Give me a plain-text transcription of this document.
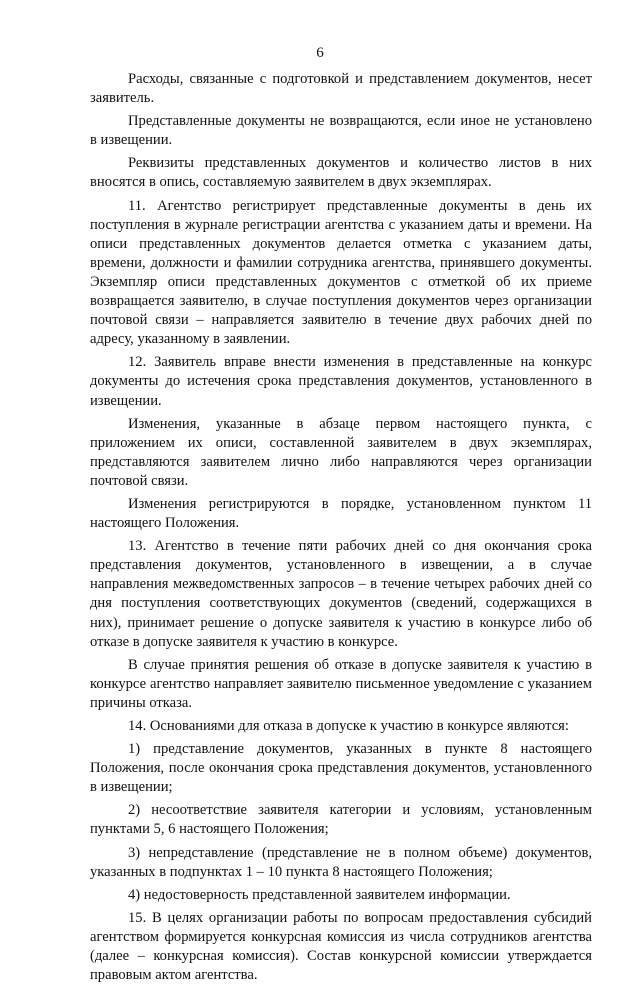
6

Расходы, связанные с подготовкой и представлением документов, несет заявитель.

Представленные документы не возвращаются, если иное не установлено в извещении.

Реквизиты представленных документов и количество листов в них вносятся в опись, составляемую заявителем в двух экземплярах.

11. Агентство регистрирует представленные документы в день их поступления в журнале регистрации агентства с указанием даты и времени. На описи представленных документов делается отметка с указанием даты, времени, должности и фамилии сотрудника агентства, принявшего документы. Экземпляр описи представленных документов с отметкой об их приеме возвращается заявителю, в случае поступления документов через организации почтовой связи – направляется заявителю в течение двух рабочих дней по адресу, указанному в заявлении.

12. Заявитель вправе внести изменения в представленные на конкурс документы до истечения срока представления документов, установленного в извещении.

Изменения, указанные в абзаце первом настоящего пункта, с приложением их описи, составленной заявителем в двух экземплярах, представляются заявителем лично либо направляются через организации почтовой связи.

Изменения регистрируются в порядке, установленном пунктом 11 настоящего Положения.

13. Агентство в течение пяти рабочих дней со дня окончания срока представления документов, установленного в извещении, а в случае направления межведомственных запросов – в течение четырех рабочих дней со дня поступления соответствующих документов (сведений, содержащихся в них), принимает решение о допуске заявителя к участию в конкурсе либо об отказе в допуске заявителя к участию в конкурсе.

В случае принятия решения об отказе в допуске заявителя к участию в конкурсе агентство направляет заявителю письменное уведомление с указанием причины отказа.

14. Основаниями для отказа в допуске к участию в конкурсе являются:

1) представление документов, указанных в пункте 8 настоящего Положения, после окончания срока представления документов, установленного в извещении;

2) несоответствие заявителя категории и условиям, установленным пунктами 5, 6 настоящего Положения;

3) непредставление (представление не в полном объеме) документов, указанных в подпунктах 1 – 10 пункта 8 настоящего Положения;

4) недостоверность представленной заявителем информации.

15. В целях организации работы по вопросам предоставления субсидий агентством формируется конкурсная комиссия из числа сотрудников агентства (далее – конкурсная комиссия). Состав конкурсной комиссии утверждается правовым актом агентства.
